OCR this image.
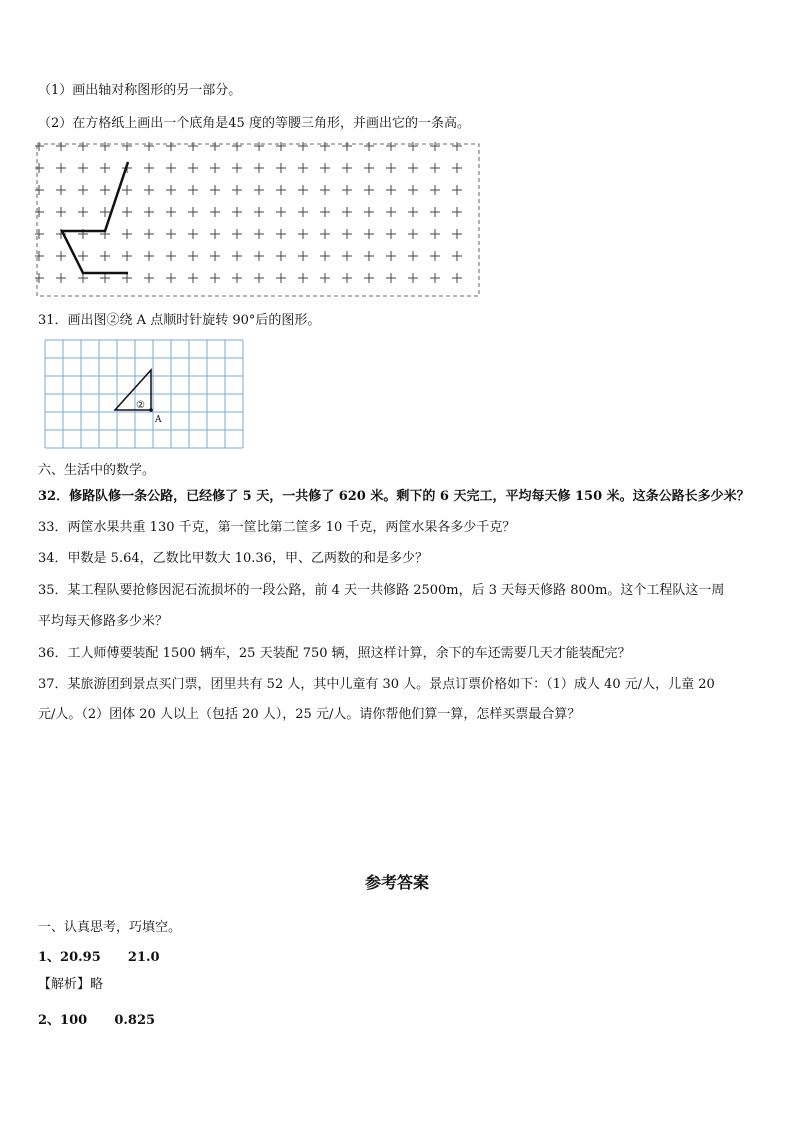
（1）画出轴对称图形的另一部分。
（2）在方格纸上画出一个底角是45 度的等腰三角形，并画出它的一条高。
31．画出图②绕 A 点顺时针旋转 90°后的图形。
②
A
六、生活中的数学。
32．修路队修一条公路，已经修了 5 天，一共修了 620 米。剩下的 6 天完工，平均每天修 150 米。这条公路长多少米？
33．两筐水果共重 130 千克，第一筐比第二筐多 10 千克，两筐水果各多少千克？
34．甲数是 5.64，乙数比甲数大 10.36，甲、乙两数的和是多少？
35．某工程队要抢修因泥石流损坏的一段公路，前 4 天一共修路 2500m，后 3 天每天修路 800m。这个工程队这一周
平均每天修路多少米？
36．工人师傅要装配 1500 辆车，25 天装配 750 辆，照这样计算，余下的车还需要几天才能装配完？
37．某旅游团到景点买门票，团里共有 52 人，其中儿童有 30 人。景点订票价格如下：（1）成人 40 元/人，儿童 20
元/人。（2）团体 20 人以上（包括 20 人），25 元/人。请你帮他们算一算，怎样买票最合算？
参考答案
一、认真思考，巧填空。
1、20.95      21.0
【解析】略
2、100      0.825
